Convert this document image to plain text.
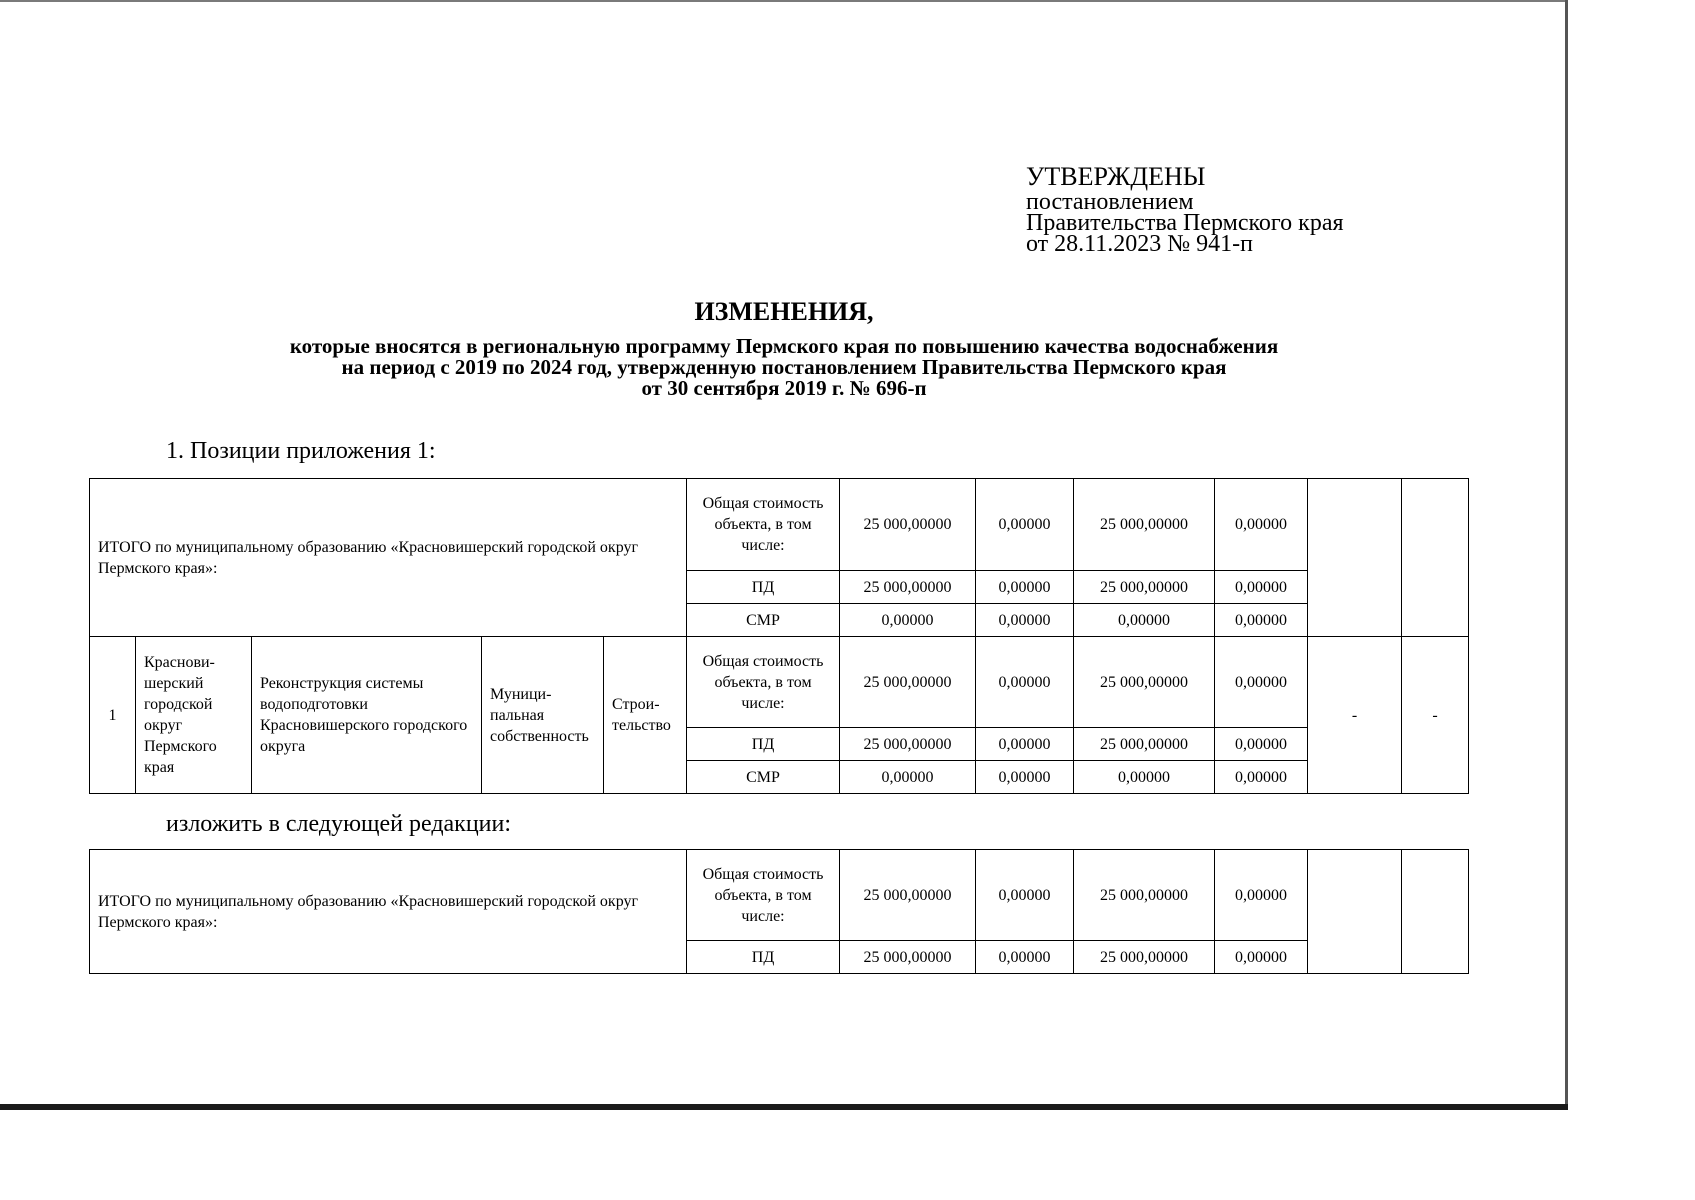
УТВЕРЖДЕНЫ
постановлением
Правительства Пермского края
от 28.11.2023 № 941-п
ИЗМЕНЕНИЯ,
которые вносятся в региональную программу Пермского края по повышению качества водоснабжения
на период с 2019 по 2024 год, утвержденную постановлением Правительства Пермского края
от 30 сентября 2019 г. № 696-п
1. Позиции приложения 1:
ИТОГО по муниципальному образованию «Красновишерский городской округ Пермского края»:					Общая стоимость объекта, в том числе:	25 000,00000	0,00000	25 000,00000	0,00000		
					ПД	25 000,00000	0,00000	25 000,00000	0,00000		
					СМР	0,00000	0,00000	0,00000	0,00000		
1	Краснови-шерский городской округ Пермского края	Реконструкция системы водоподготовки Красновишерского городского округа	Муници-пальная собственность	Строи-тельство	Общая стоимость объекта, в том числе:	25 000,00000	0,00000	25 000,00000	0,00000	-	-
					ПД	25 000,00000	0,00000	25 000,00000	0,00000		
					СМР	0,00000	0,00000	0,00000	0,00000		
изложить в следующей редакции:
ИТОГО по муниципальному образованию «Красновишерский городской округ Пермского края»:	Общая стоимость объекта, в том числе:	25 000,00000	0,00000	25 000,00000	0,00000		
	ПД	25 000,00000	0,00000	25 000,00000	0,00000		
